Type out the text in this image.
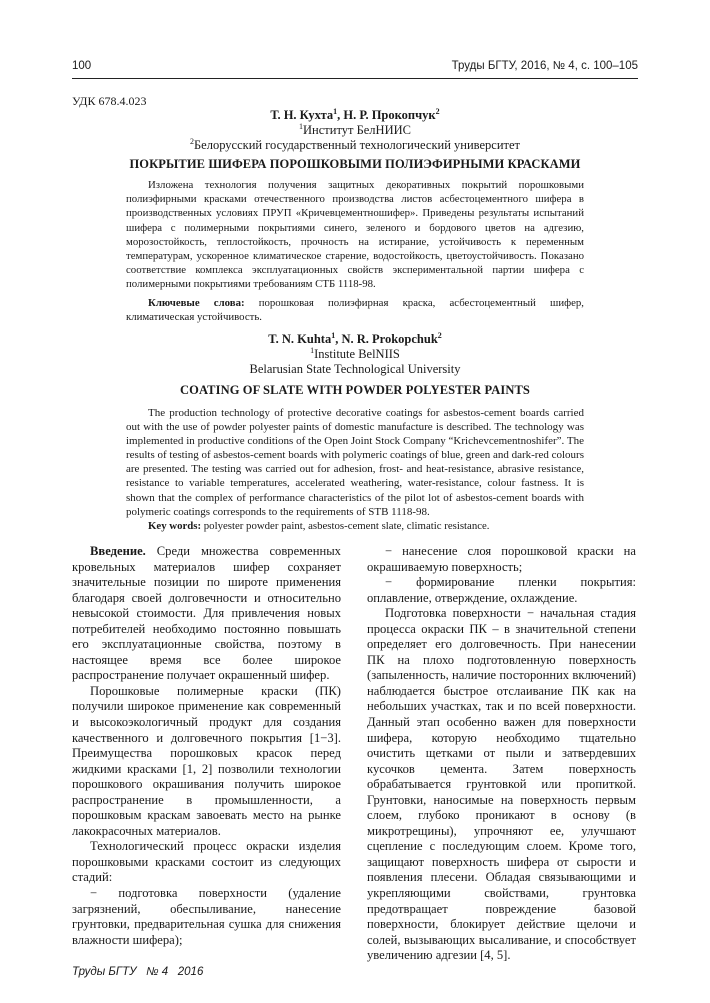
100	Труды БГТУ, 2016, № 4, с. 100–105
УДК 678.4.023
Т. Н. Кухта$^1$, Н. Р. Прокопчук$^2$
$^1$Институт БелНИИС
$^2$Белорусский государственный технологический университет
ПОКРЫТИЕ ШИФЕРА ПОРОШКОВЫМИ ПОЛИЭФИРНЫМИ КРАСКАМИ

Изложена технология получения защитных декоративных покрытий порошковыми полиэфирными красками отечественного производства листов асбестоцементного шифера в производственных условиях ПРУП «Кричевцементношифер». Приведены результаты испытаний шифера с полимерными покрытиями синего, зеленого и бордового цветов на адгезию, морозостойкость, теплостойкость, прочность на истирание, устойчивость к переменным температурам, ускоренное климатическое старение, водостойкость, цветоустойчивость. Показано соответствие комплекса эксплуатационных свойств экспериментальной партии шифера с полимерными покрытиями требованиям СТБ 1118-98.

Ключевые слова: порошковая полиэфирная краска, асбестоцементный шифер, климатическая устойчивость.

T. N. Kuhta$^1$, N. R. Prokopchuk$^2$
$^1$Institute BelNIIS
Belarusian State Technological University
COATING OF SLATE WITH POWDER POLYESTER PAINTS

The production technology of protective decorative coatings for asbestos-cement boards carried out with the use of powder polyester paints of domestic manufacture is described. The technology was implemented in productive conditions of the Open Joint Stock Company “Krichevcementnoshifer”. The results of testing of asbestos-cement boards with polymeric coatings of blue, green and dark-red colours are presented. The testing was carried out for adhesion, frost- and heat-resistance, abrasive resistance, resistance to variable temperatures, accelerated weathering, water-resistance, colour fastness. It is shown that the complex of performance characteristics of the pilot lot of asbestos-cement boards with polymeric coatings corresponds to the requirements of STB 1118-98.

Key words: polyester powder paint, asbestos-cement slate, climatic resistance.

Введение. Среди множества современных кровельных материалов шифер сохраняет значительные позиции по широте применения благодаря своей долговечности и относительно невысокой стоимости. Для привлечения новых потребителей необходимо постоянно повышать его эксплуатационные свойства, поэтому в настоящее время все более широкое распространение получает окрашенный шифер.

Порошковые полимерные краски (ПК) получили широкое применение как современный и высокоэкологичный продукт для создания качественного и долговечного покрытия [1−3]. Преимущества порошковых красок перед жидкими красками [1, 2] позволили технологии порошкового окрашивания получить широкое распространение в промышленности, а порошковым краскам завоевать место на рынке лакокрасочных материалов.

Технологический процесс окраски изделия порошковыми красками состоит из следующих стадий:

− подготовка поверхности (удаление загрязнений, обеспыливание, нанесение грунтовки, предварительная сушка для снижения влажности шифера);

− нанесение слоя порошковой краски на окрашиваемую поверхность;

− формирование пленки покрытия: оплавление, отверждение, охлаждение.

Подготовка поверхности − начальная стадия процесса окраски ПК – в значительной степени определяет его долговечность. При нанесении ПК на плохо подготовленную поверхность (запыленность, наличие посторонних включений) наблюдается быстрое отслаивание ПК как на небольших участках, так и по всей поверхности. Данный этап особенно важен для поверхности шифера, которую необходимо тщательно очистить щетками от пыли и затвердевших кусочков цемента. Затем поверхность обрабатывается грунтовкой или пропиткой. Грунтовки, наносимые на поверхность первым слоем, глубоко проникают в основу (в микротрещины), упрочняют ее, улучшают сцепление с последующим слоем. Кроме того, защищают поверхность шифера от сырости и появления плесени. Обладая связывающими и укрепляющими свойствами, грунтовка предотвращает повреждение базовой поверхности, блокирует действие щелочи и солей, вызывающих высаливание, и способствует увеличению адгезии [4, 5].

Труды БГТУ   № 4   2016
